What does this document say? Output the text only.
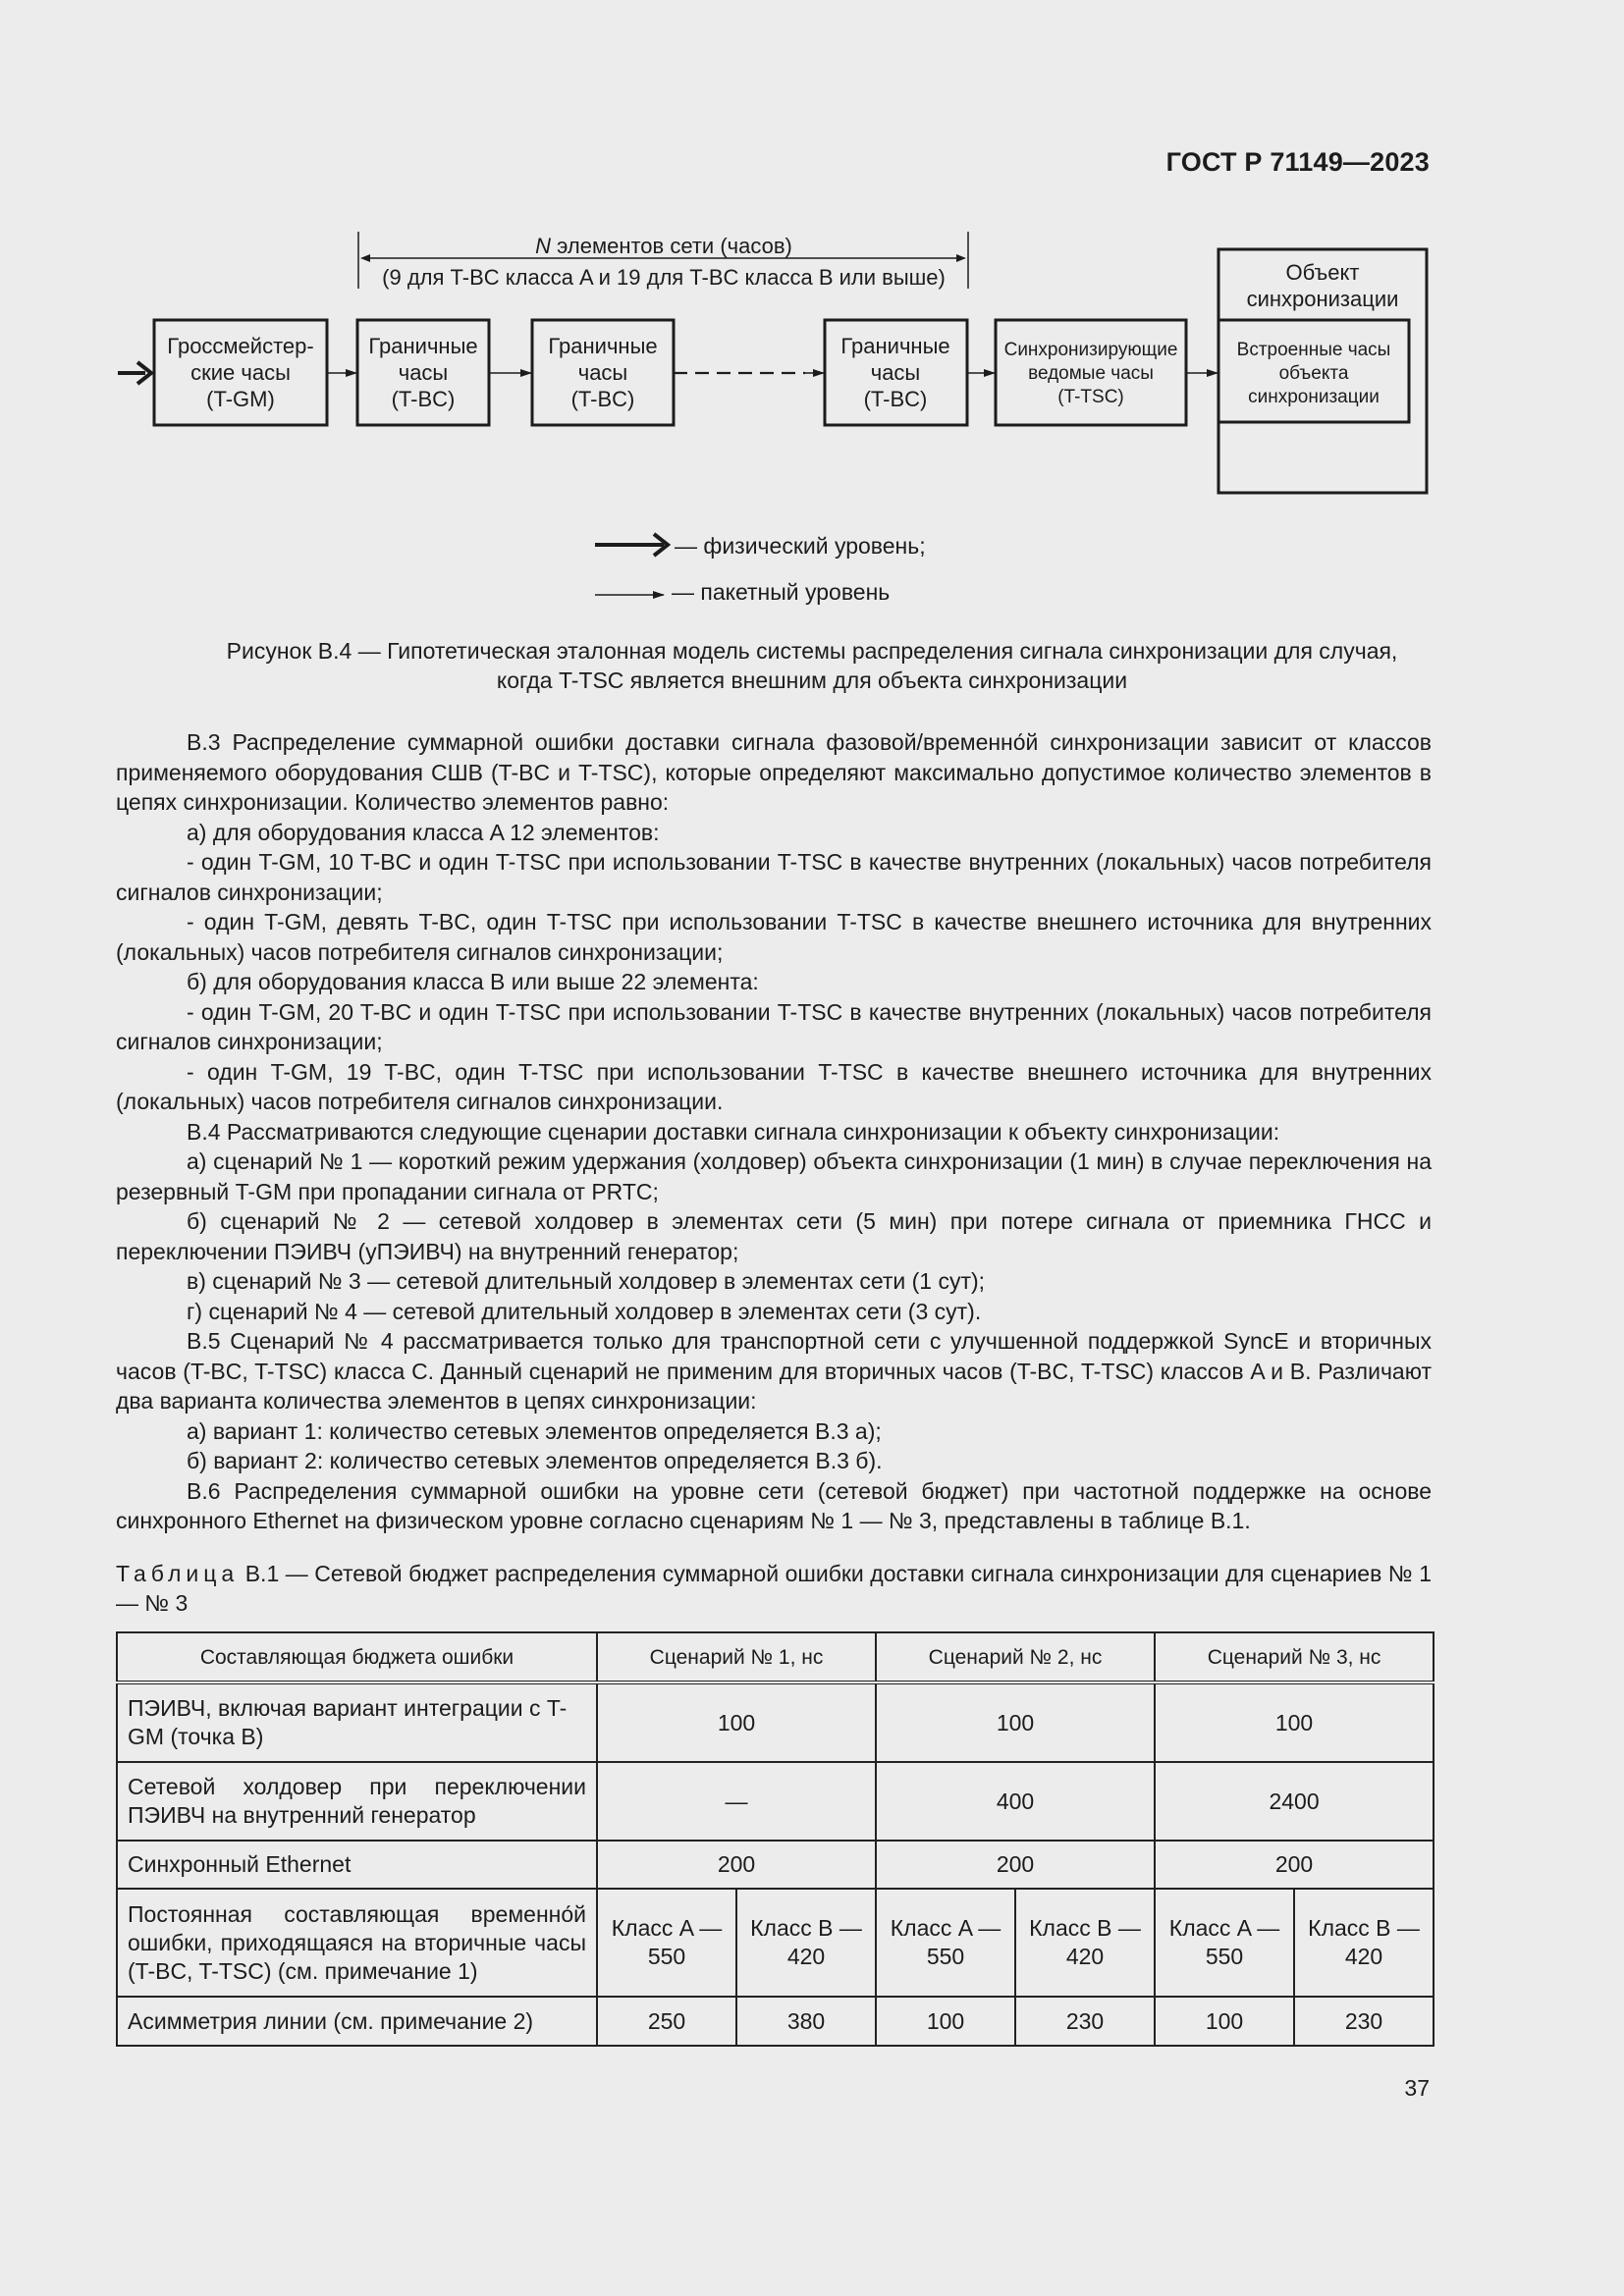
ГОСТ Р 71149—2023
N элементов сети (часов)
(9 для T-BC класса A и 19 для T-BC класса B или выше)
Гроссмейстер-
ские часы
(T-GM)
Граничные
часы
(T-BC)
Граничные
часы
(T-BC)
Граничные
часы
(T-BC)
Синхронизирующие
ведомые часы
(T-TSC)
Объект
синхронизации
Встроенные часы
объекта
синхронизации
— физический уровень;
— пакетный уровень
Рисунок В.4 — Гипотетическая эталонная модель системы распределения сигнала синхронизации для случая,
когда T-TSC является внешним для объекта синхронизации

В.3 Распределение суммарной ошибки доставки сигнала фазовой/временно́й синхронизации зависит от классов применяемого оборудования СШВ (T-BC и T-TSC), которые определяют максимально допустимое количество элементов в цепях синхронизации. Количество элементов равно:

а) для оборудования класса A 12 элементов:

- один T-GM, 10 T-BC и один T-TSC при использовании T-TSC в качестве внутренних (локальных) часов потребителя сигналов синхронизации;

- один T-GM, девять T-BC, один T-TSC при использовании T-TSC в качестве внешнего источника для внутренних (локальных) часов потребителя сигналов синхронизации;

б) для оборудования класса B или выше 22 элемента:

- один T-GM, 20 T-BC и один T-TSC при использовании T-TSC в качестве внутренних (локальных) часов потребителя сигналов синхронизации;

- один T-GM, 19 T-BC, один T-TSC при использовании T-TSC в качестве внешнего источника для внутренних (локальных) часов потребителя сигналов синхронизации.

В.4 Рассматриваются следующие сценарии доставки сигнала синхронизации к объекту синхронизации:

а) сценарий № 1 — короткий режим удержания (холдовер) объекта синхронизации (1 мин) в случае переключения на резервный T-GM при пропадании сигнала от PRTC;

б) сценарий № 2 — сетевой холдовер в элементах сети (5 мин) при потере сигнала от приемника ГНСС и переключении ПЭИВЧ (уПЭИВЧ) на внутренний генератор;

в) сценарий № 3 — сетевой длительный холдовер в элементах сети (1 сут);

г) сценарий № 4 — сетевой длительный холдовер в элементах сети (3 сут).

В.5 Сценарий № 4 рассматривается только для транспортной сети с улучшенной поддержкой SyncE и вторичных часов (T-BC, T-TSC) класса C. Данный сценарий не применим для вторичных часов (T-BC, T-TSC) классов A и B. Различают два варианта количества элементов в цепях синхронизации:

а) вариант 1: количество сетевых элементов определяется В.3 а);

б) вариант 2: количество сетевых элементов определяется В.3 б).

В.6 Распределения суммарной ошибки на уровне сети (сетевой бюджет) при частотной поддержке на основе синхронного Ethernet на физическом уровне согласно сценариям № 1 — № 3, представлены в таблице В.1.

Таблица В.1 — Сетевой бюджет распределения суммарной ошибки доставки сигнала синхронизации для сценариев № 1 — № 3
Составляющая бюджета ошибки	Сценарий № 1, нс		Сценарий № 2, нс		Сценарий № 3, нс	
ПЭИВЧ, включая вариант интеграции с T-GM (точка B)	100		100		100	
Сетевой холдовер при переключении ПЭИВЧ на внутренний генератор	—		400		2400	
Синхронный Ethernet	200		200		200	
Постоянная составляющая временно́й ошибки, приходящаяся на вторичные часы (T-BC, T-TSC) (см. примечание 1)	Класс A — 550	Класс B — 420	Класс A — 550	Класс B — 420	Класс A — 550	Класс B — 420
Асимметрия линии (см. примечание 2)	250	380	100	230	100	230
37
